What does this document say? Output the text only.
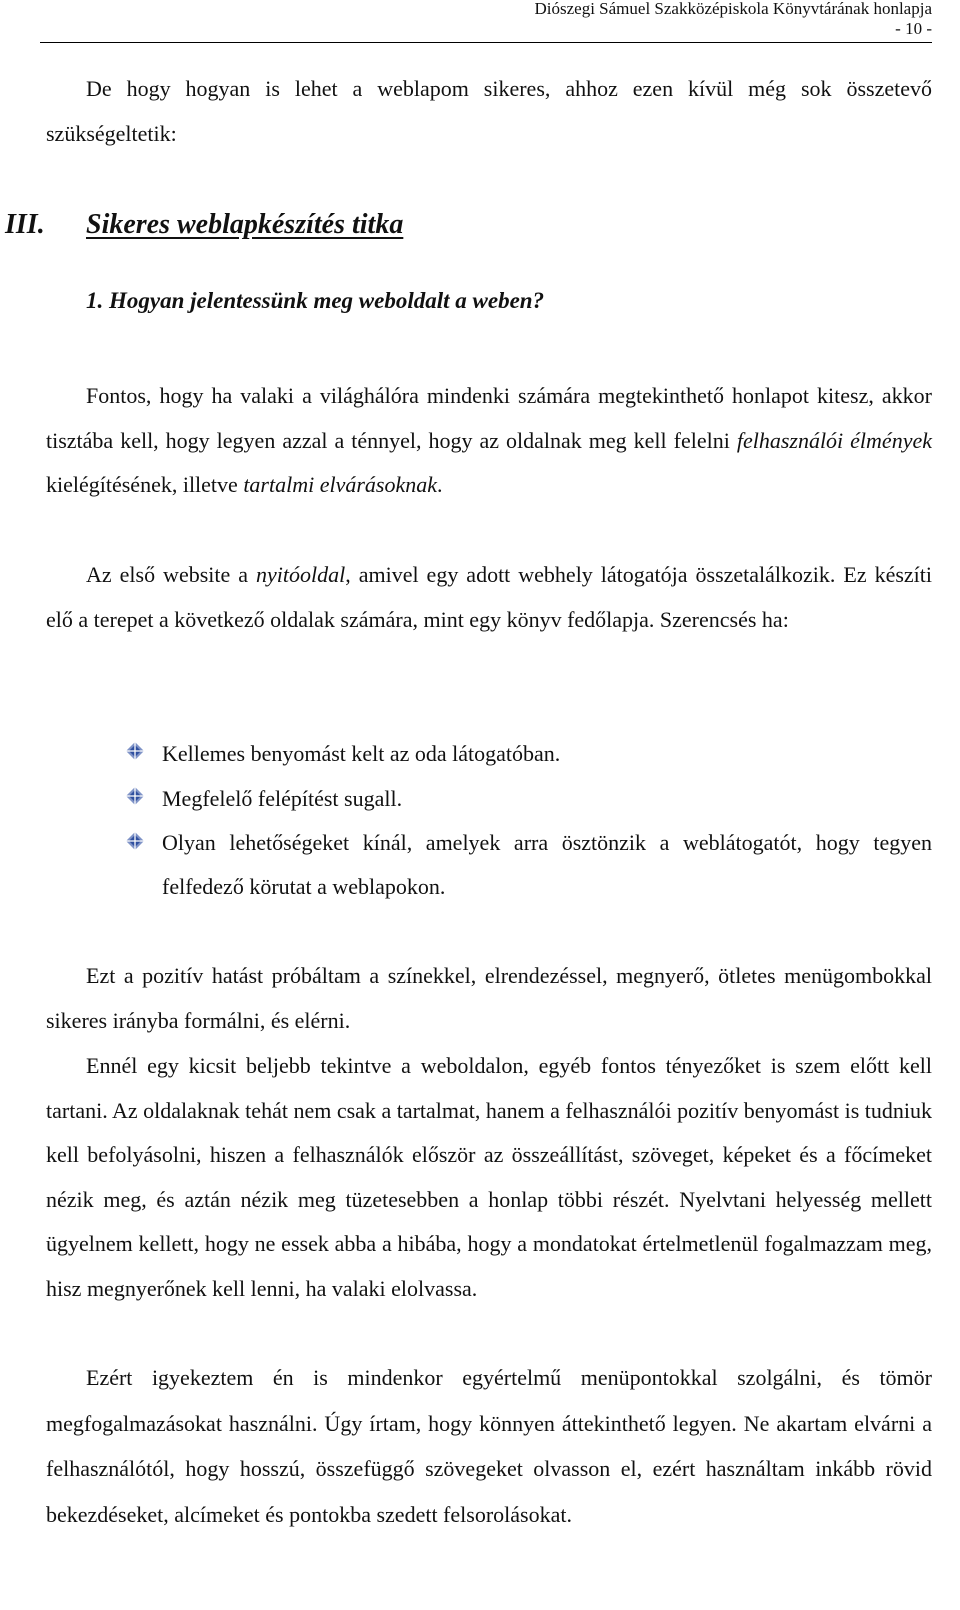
Diószegi Sámuel Szakközépiskola Könyvtárának honlapja
- 10 -

De hogy hogyan is lehet a weblapom sikeres, ahhoz ezen kívül még sok összetevő szükségeltetik:

III. Sikeres weblapkészítés titka
1. Hogyan jelentessünk meg weboldalt a weben?

Fontos, hogy ha valaki a világhálóra mindenki számára megtekinthető honlapot kitesz, akkor tisztába kell, hogy legyen azzal a ténnyel, hogy az oldalnak meg kell felelni felhasználói élmények kielégítésének, illetve tartalmi elvárásoknak.

Az első website a nyitóoldal, amivel egy adott webhely látogatója összetalálkozik. Ez készíti elő a terepet a következő oldalak számára, mint egy könyv fedőlapja. Szerencsés ha:

Kellemes benyomást kelt az oda látogatóban.
Megfelelő felépítést sugall.
Olyan lehetőségeket kínál, amelyek arra ösztönzik a weblátogatót, hogy tegyen felfedező körutat a weblapokon.

Ezt a pozitív hatást próbáltam a színekkel, elrendezéssel, megnyerő, ötletes menügombokkal sikeres irányba formálni, és elérni.

Ennél egy kicsit beljebb tekintve a weboldalon, egyéb fontos tényezőket is szem előtt kell tartani. Az oldalaknak tehát nem csak a tartalmat, hanem a felhasználói pozitív benyomást is tudniuk kell befolyásolni, hiszen a felhasználók először az összeállítást, szöveget, képeket és a főcímeket nézik meg, és aztán nézik meg tüzetesebben a honlap többi részét. Nyelvtani helyesség mellett ügyelnem kellett, hogy ne essek abba a hibába, hogy a mondatokat értelmetlenül fogalmazzam meg, hisz megnyerőnek kell lenni, ha valaki elolvassa.

Ezért igyekeztem én is mindenkor egyértelmű menüpontokkal szolgálni, és tömör megfogalmazásokat használni. Úgy írtam, hogy könnyen áttekinthető legyen. Ne akartam elvárni a felhasználótól, hogy hosszú, összefüggő szövegeket olvasson el, ezért használtam inkább rövid bekezdéseket, alcímeket és pontokba szedett felsorolásokat.
